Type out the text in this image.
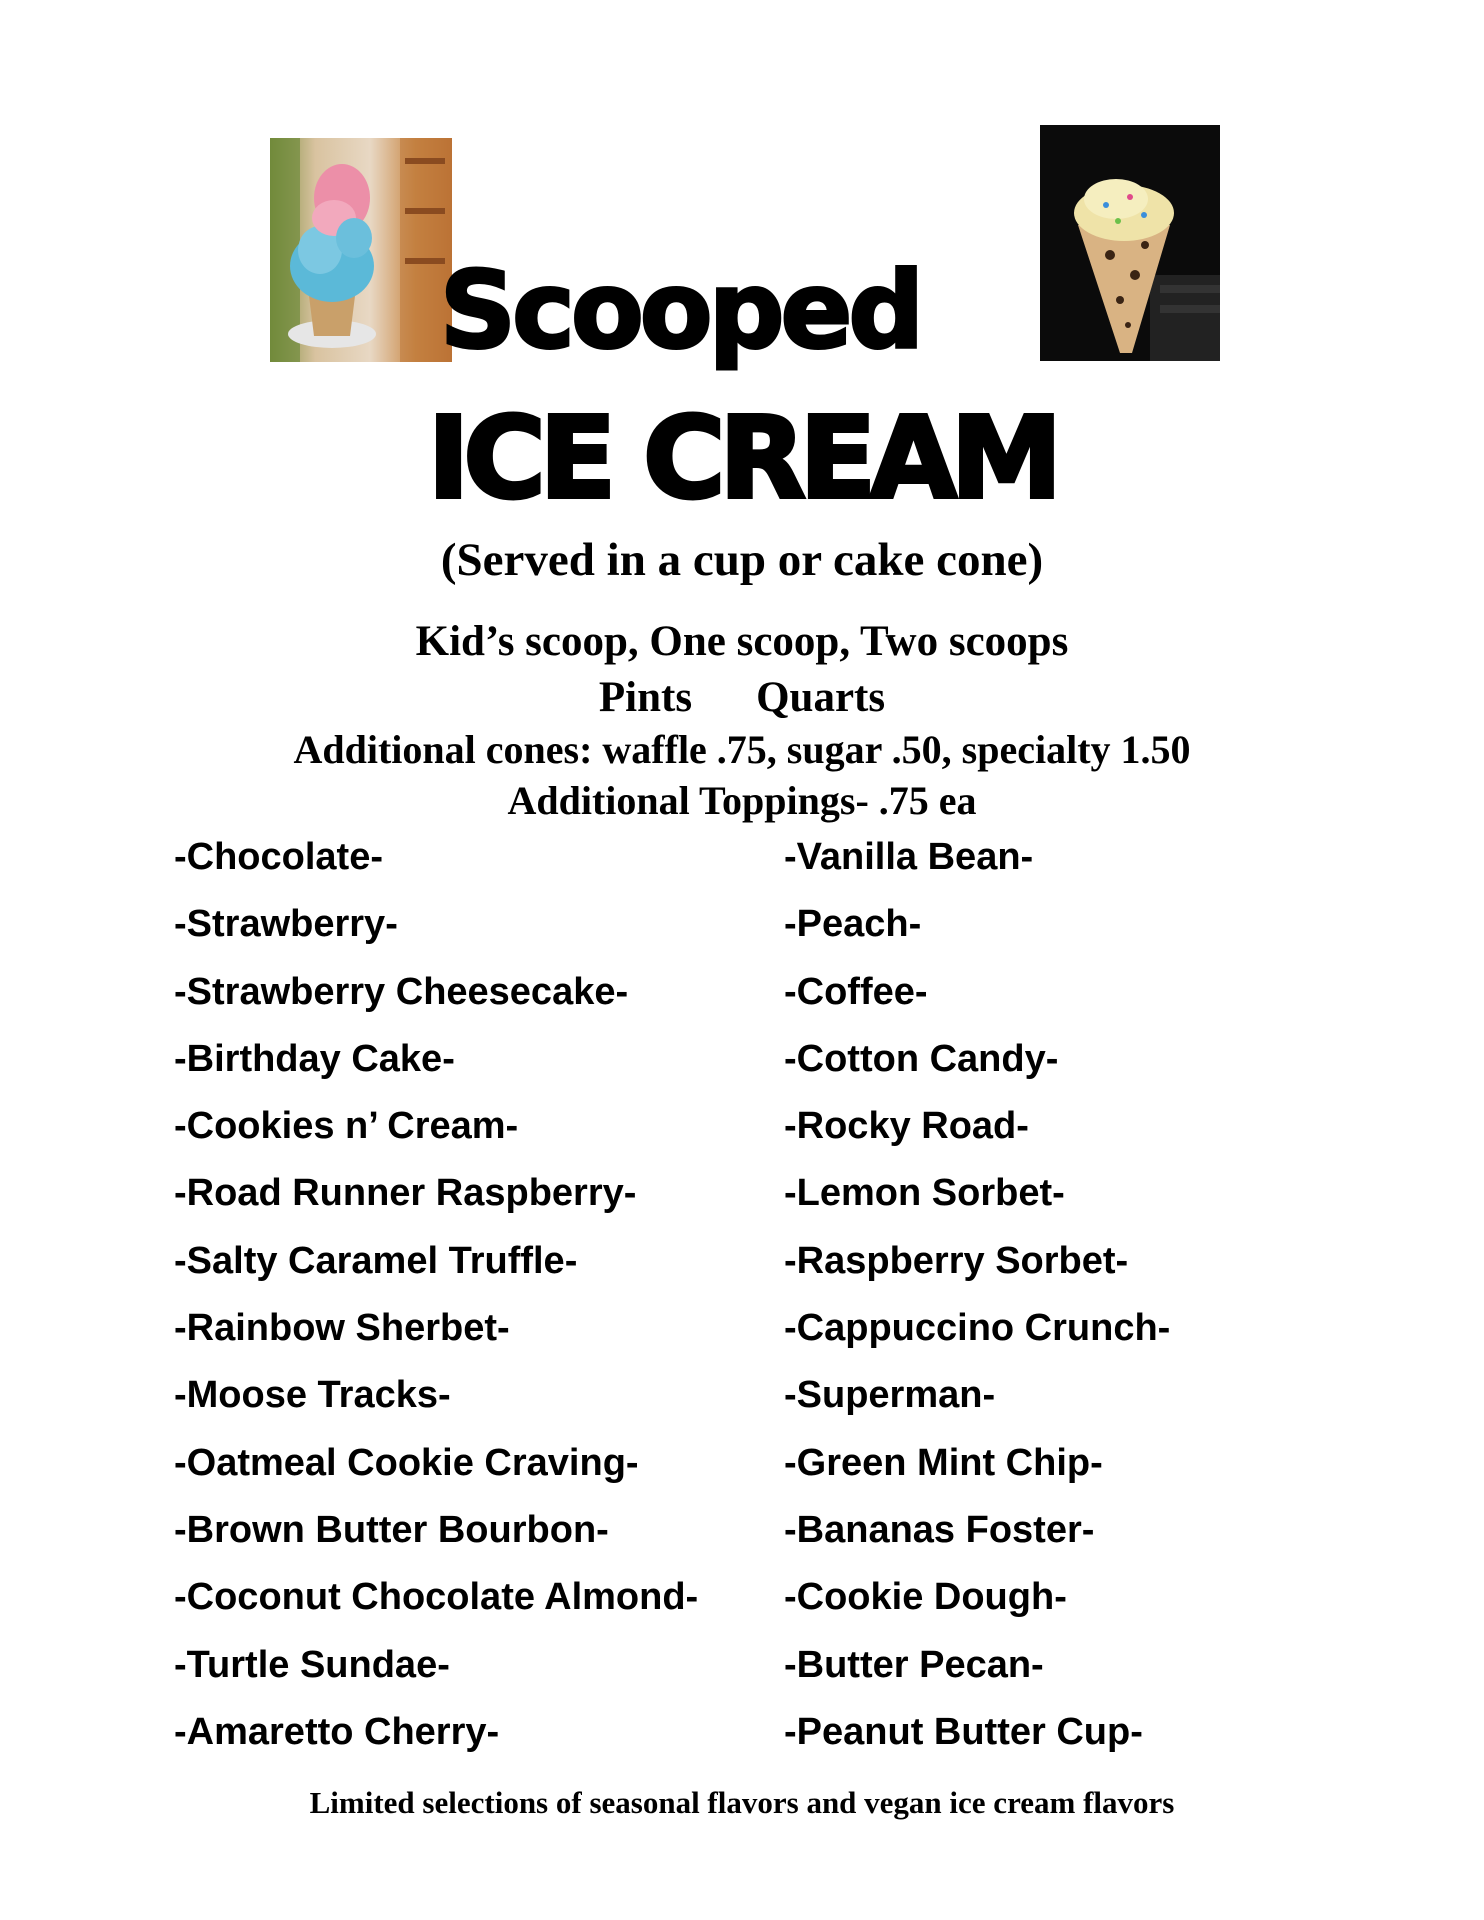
Scooped
ICE CREAM
(Served in a cup or cake cone)
Kid’s scoop, One scoop, Two scoops
Pints Quarts
Additional cones: waffle .75, sugar .50, specialty 1.50
Additional Toppings- .75 ea
-Chocolate-
-Strawberry-
-Strawberry Cheesecake-
-Birthday Cake-
-Cookies n’ Cream-
-Road Runner Raspberry-
-Salty Caramel Truffle-
-Rainbow Sherbet-
-Moose Tracks-
-Oatmeal Cookie Craving-
-Brown Butter Bourbon-
-Coconut Chocolate Almond-
-Turtle Sundae-
-Amaretto Cherry-
-Vanilla Bean-
-Peach-
-Coffee-
-Cotton Candy-
-Rocky Road-
-Lemon Sorbet-
-Raspberry Sorbet-
-Cappuccino Crunch-
-Superman-
-Green Mint Chip-
-Bananas Foster-
-Cookie Dough-
-Butter Pecan-
-Peanut Butter Cup-
Limited selections of seasonal flavors and vegan ice cream flavors
